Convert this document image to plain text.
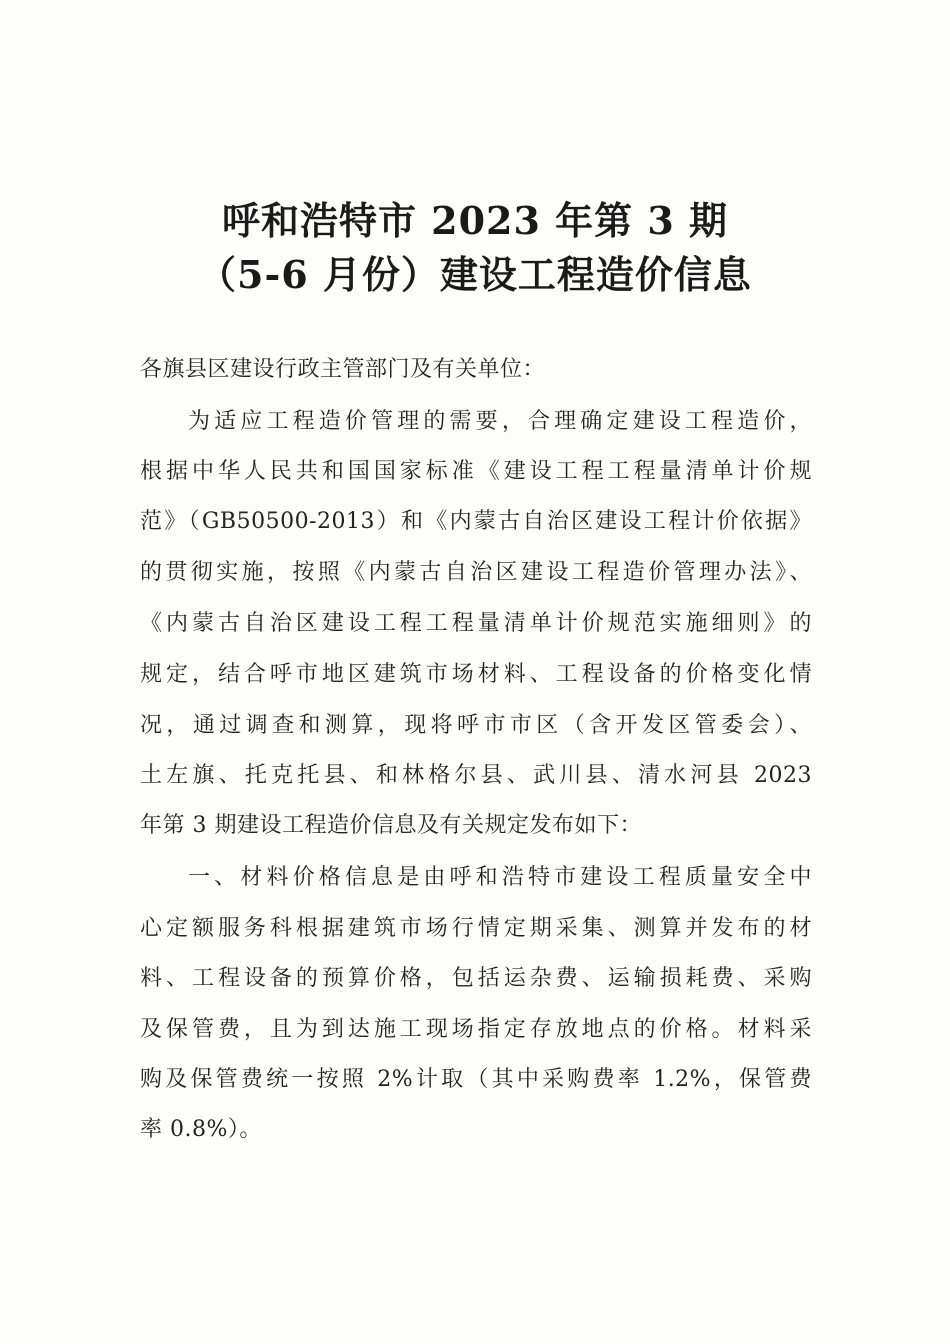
呼和浩特市 2023 年第 3 期
（5-6 月份）建设工程造价信息
各旗县区建设行政主管部门及有关单位：
为适应工程造价管理的需要，合理确定建设工程造价，
根据中华人民共和国国家标准《建设工程工程量清单计价规
范》（GB50500-2013）和《内蒙古自治区建设工程计价依据》
的贯彻实施，按照《内蒙古自治区建设工程造价管理办法》、
《内蒙古自治区建设工程工程量清单计价规范实施细则》的
规定，结合呼市地区建筑市场材料、工程设备的价格变化情
况，通过调查和测算，现将呼市市区（含开发区管委会）、
土左旗、托克托县、和林格尔县、武川县、清水河县 2023
年第 3 期建设工程造价信息及有关规定发布如下：
一、材料价格信息是由呼和浩特市建设工程质量安全中
心定额服务科根据建筑市场行情定期采集、测算并发布的材
料、工程设备的预算价格，包括运杂费、运输损耗费、采购
及保管费，且为到达施工现场指定存放地点的价格。材料采
购及保管费统一按照 2%计取（其中采购费率 1.2%，保管费
率 0.8%）。
